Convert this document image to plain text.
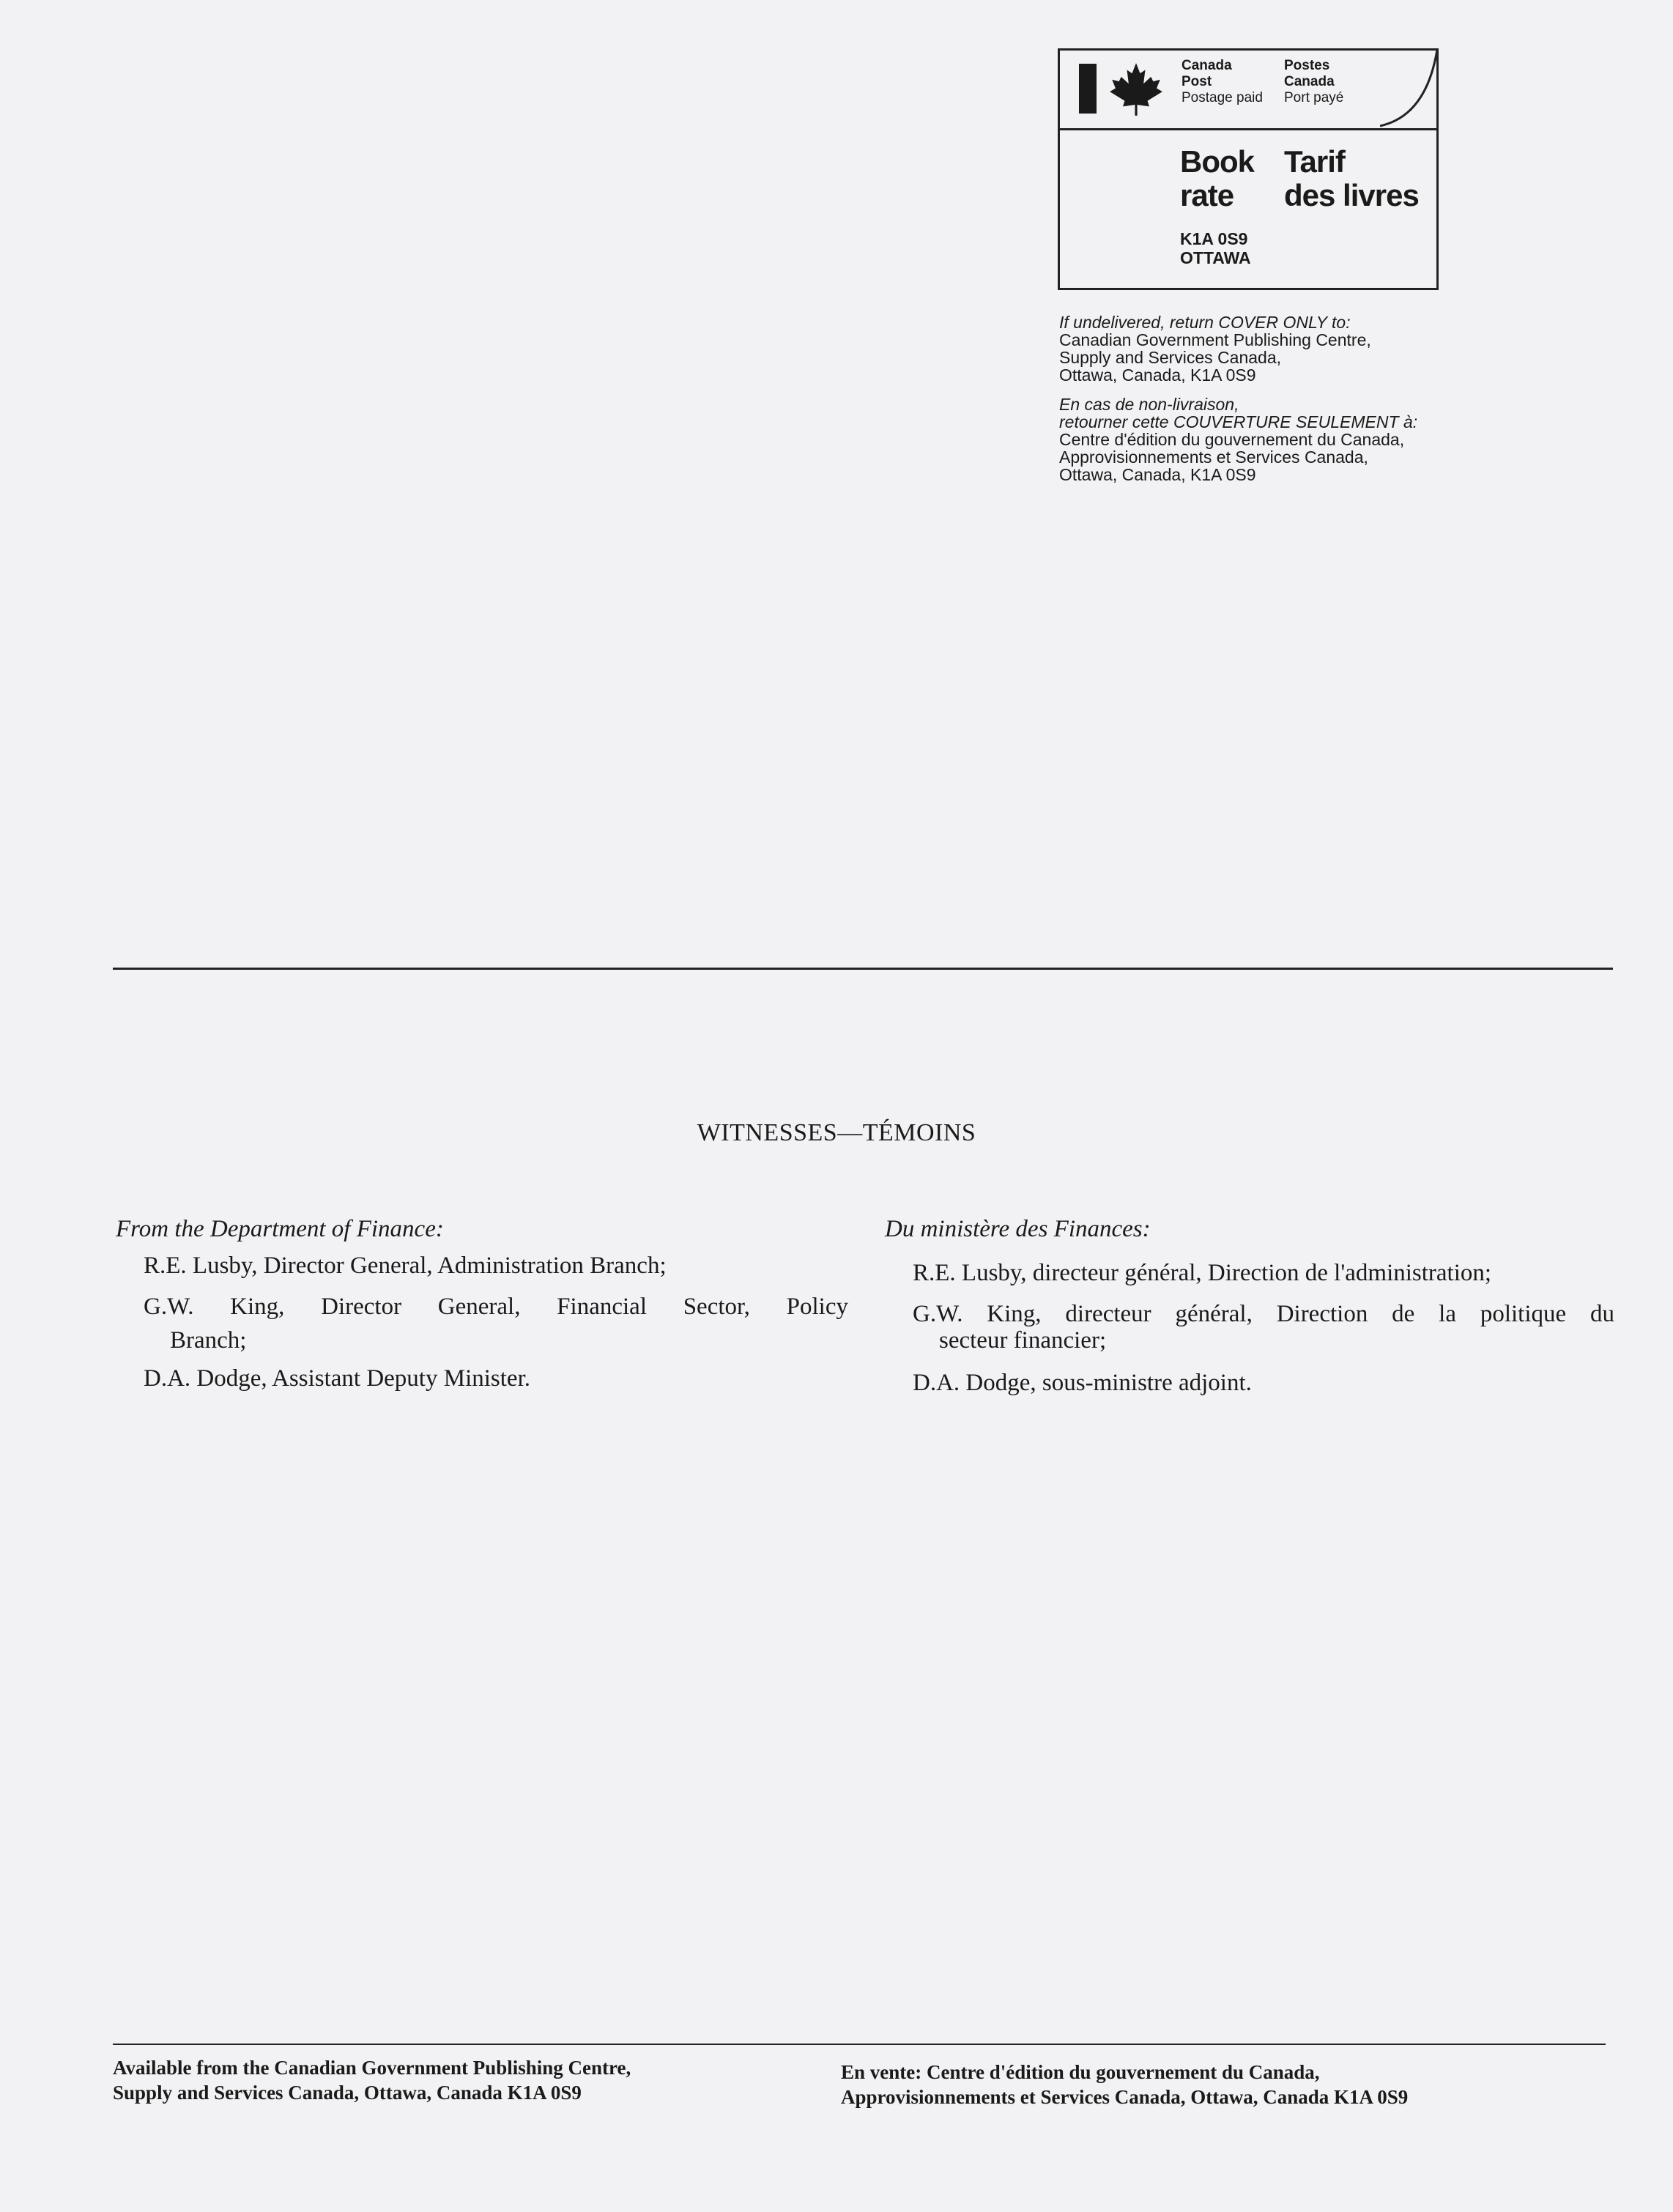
Canada
Post
Postage paid
Postes
Canada
Port payé
Book
rate
Tarif
des livres
K1A 0S9
OTTAWA
If undelivered, return COVER ONLY to:
Canadian Government Publishing Centre,
Supply and Services Canada,
Ottawa, Canada, K1A 0S9
En cas de non-livraison,
retourner cette COUVERTURE SEULEMENT à:
Centre d'édition du gouvernement du Canada,
Approvisionnements et Services Canada,
Ottawa, Canada, K1A 0S9
WITNESSES—TÉMOINS
From the Department of Finance:
R.E. Lusby, Director General, Administration Branch;
G.W. King, Director General, Financial Sector, Policy
Branch;
D.A. Dodge, Assistant Deputy Minister.
Du ministère des Finances:
R.E. Lusby, directeur général, Direction de l'administration;
G.W. King, directeur général, Direction de la politique du
secteur financier;
D.A. Dodge, sous-ministre adjoint.
Available from the Canadian Government Publishing Centre,
Supply and Services Canada, Ottawa, Canada K1A 0S9
En vente: Centre d'édition du gouvernement du Canada,
Approvisionnements et Services Canada, Ottawa, Canada K1A 0S9
